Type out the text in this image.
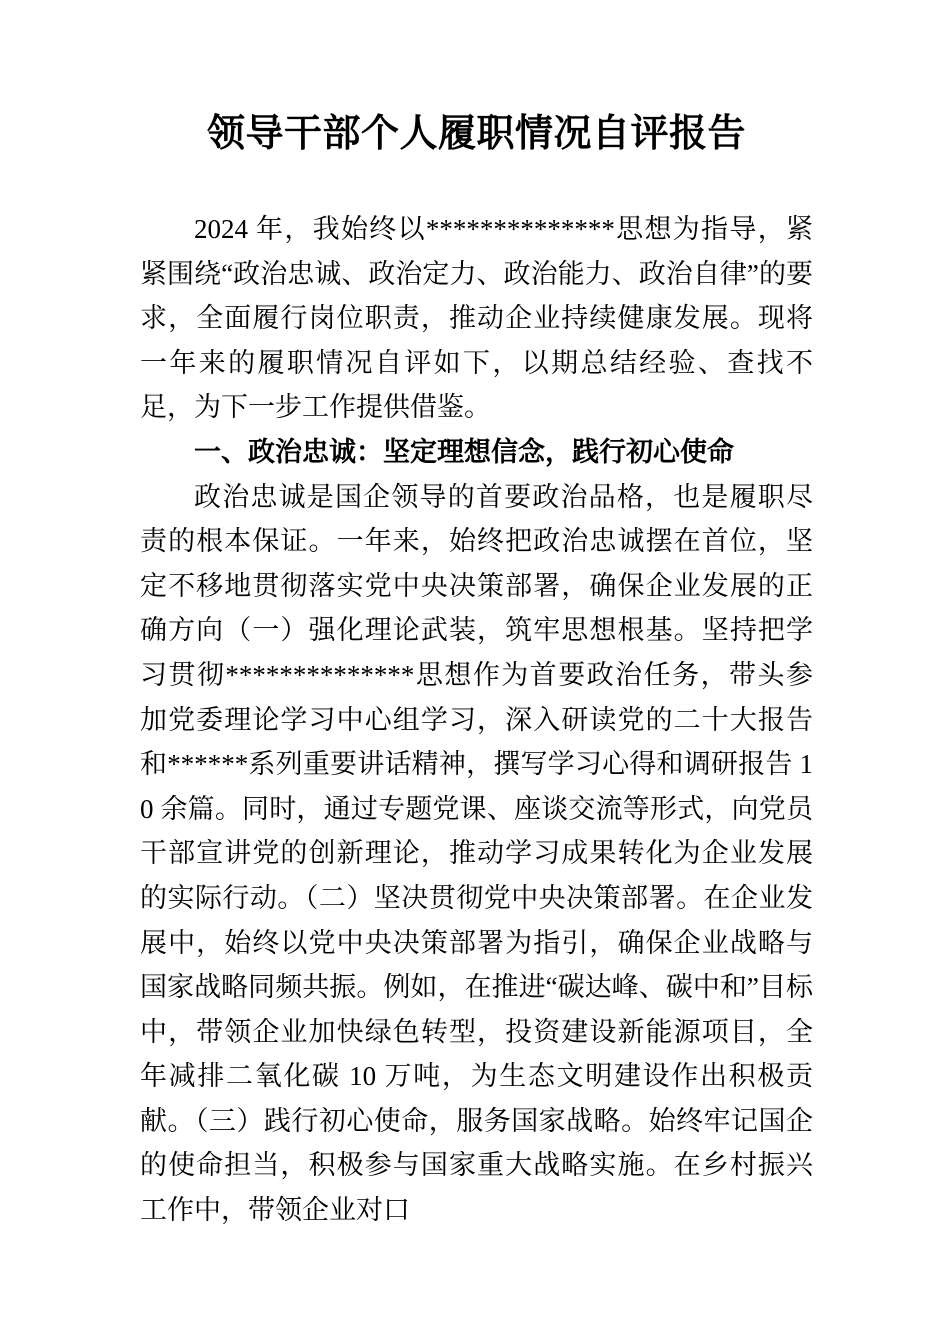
领导干部个人履职情况自评报告

2024 年，我始终以**************思想为指导，紧紧围绕“政治忠诚、政治定力、政治能力、政治自律”的要求，全面履行岗位职责，推动企业持续健康发展。现将一年来的履职情况自评如下，以期总结经验、查找不足，为下一步工作提供借鉴。

一、政治忠诚：坚定理想信念，践行初心使命

政治忠诚是国企领导的首要政治品格，也是履职尽责的根本保证。一年来，始终把政治忠诚摆在首位，坚定不移地贯彻落实党中央决策部署，确保企业发展的正确方向（一）强化理论武装，筑牢思想根基。坚持把学习贯彻**************思想作为首要政治任务，带头参加党委理论学习中心组学习，深入研读党的二十大报告和******系列重要讲话精神，撰写学习心得和调研报告 10 余篇。同时，通过专题党课、座谈交流等形式，向党员干部宣讲党的创新理论，推动学习成果转化为企业发展的实际行动。（二）坚决贯彻党中央决策部署。在企业发展中，始终以党中央决策部署为指引，确保企业战略与国家战略同频共振。例如，在推进“碳达峰、碳中和”目标中，带领企业加快绿色转型，投资建设新能源项目，全年减排二氧化碳 10 万吨，为生态文明建设作出积极贡献。（三）践行初心使命，服务国家战略。始终牢记国企的使命担当，积极参与国家重大战略实施。在乡村振兴工作中，带领企业对口
